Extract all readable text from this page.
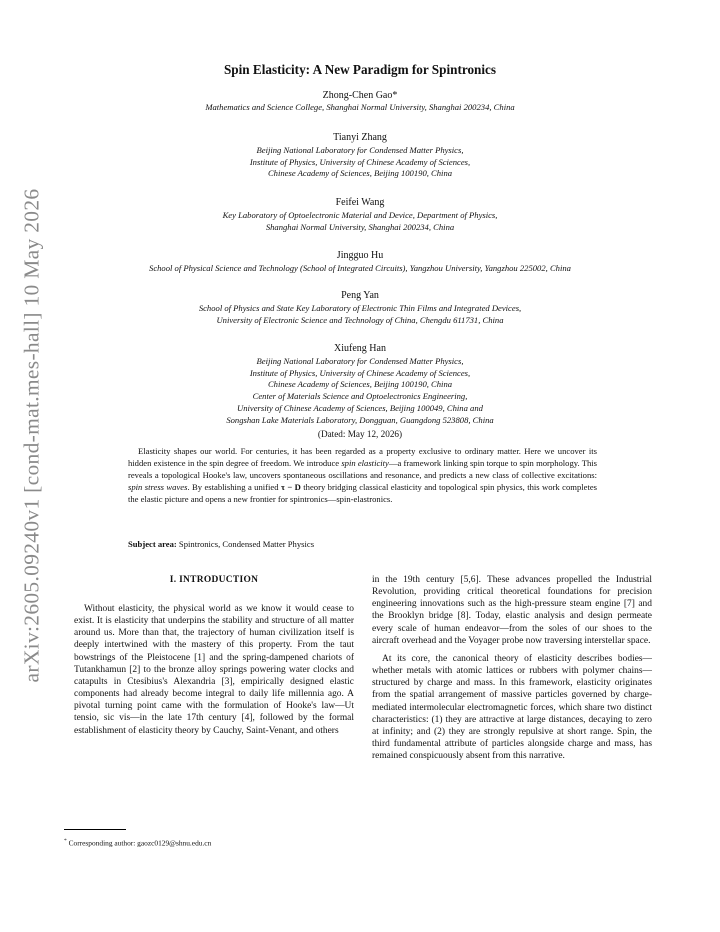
arXiv:2605.09240v1 [cond-mat.mes-hall] 10 May 2026
Spin Elasticity: A New Paradigm for Spintronics
Zhong-Chen Gao*
Mathematics and Science College, Shanghai Normal University, Shanghai 200234, China
Tianyi Zhang
Beijing National Laboratory for Condensed Matter Physics,
Institute of Physics, University of Chinese Academy of Sciences,
Chinese Academy of Sciences, Beijing 100190, China
Feifei Wang
Key Laboratory of Optoelectronic Material and Device, Department of Physics,
Shanghai Normal University, Shanghai 200234, China
Jingguo Hu
School of Physical Science and Technology (School of Integrated Circuits), Yangzhou University, Yangzhou 225002, China
Peng Yan
School of Physics and State Key Laboratory of Electronic Thin Films and Integrated Devices,
University of Electronic Science and Technology of China, Chengdu 611731, China
Xiufeng Han
Beijing National Laboratory for Condensed Matter Physics,
Institute of Physics, University of Chinese Academy of Sciences,
Chinese Academy of Sciences, Beijing 100190, China
Center of Materials Science and Optoelectronics Engineering,
University of Chinese Academy of Sciences, Beijing 100049, China and
Songshan Lake Materials Laboratory, Dongguan, Guangdong 523808, China
(Dated: May 12, 2026)
Elasticity shapes our world. For centuries, it has been regarded as a property exclusive to ordinary matter. Here we uncover its hidden existence in the spin degree of freedom. We introduce spin elasticity—a framework linking spin torque to spin morphology. This reveals a topological Hooke's law, uncovers spontaneous oscillations and resonance, and predicts a new class of collective excitations: spin stress waves. By establishing a unified τ − D theory bridging classical elasticity and topological spin physics, this work completes the elastic picture and opens a new frontier for spintronics—spin-elastronics.
Subject area: Spintronics, Condensed Matter Physics
I. INTRODUCTION

Without elasticity, the physical world as we know it would cease to exist. It is elasticity that underpins the stability and structure of all matter around us. More than that, the trajectory of human civilization itself is deeply intertwined with the mastery of this property. From the taut bowstrings of the Pleistocene [1] and the spring-dampened chariots of Tutankhamun [2] to the bronze alloy springs powering water clocks and catapults in Ctesibius's Alexandria [3], empirically designed elastic components had already become integral to daily life millennia ago. A pivotal turning point came with the formulation of Hooke's law—Ut tensio, sic vis—in the late 17th century [4], followed by the formal establishment of elasticity theory by Cauchy, Saint-Venant, and others

in the 19th century [5,6]. These advances propelled the Industrial Revolution, providing critical theoretical foundations for precision engineering innovations such as the high-pressure steam engine [7] and the Brooklyn bridge [8]. Today, elastic analysis and design permeate every scale of human endeavor—from the soles of our shoes to the aircraft overhead and the Voyager probe now traversing interstellar space.

At its core, the canonical theory of elasticity describes bodies—whether metals with atomic lattices or rubbers with polymer chains—structured by charge and mass. In this framework, elasticity originates from the spatial arrangement of massive particles governed by charge-mediated intermolecular electromagnetic forces, which share two distinct characteristics: (1) they are attractive at large distances, decaying to zero at infinity; and (2) they are strongly repulsive at short range. Spin, the third fundamental attribute of particles alongside charge and mass, has remained conspicuously absent from this narrative.

* Corresponding author: gaozc0129@shnu.edu.cn
